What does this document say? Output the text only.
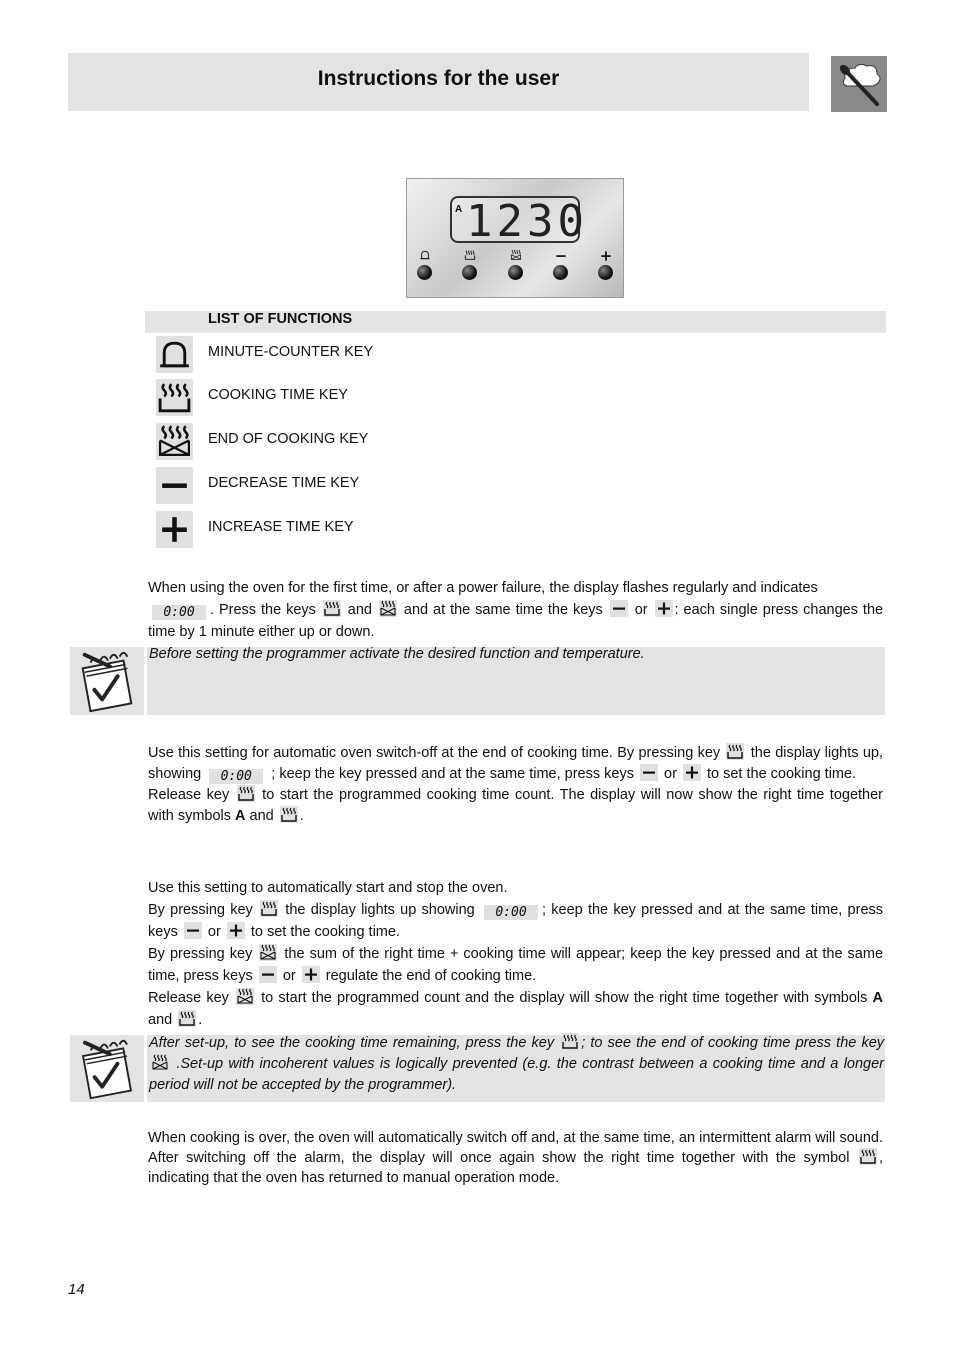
Instructions for the user
A 1230
LIST OF FUNCTIONS
MINUTE-COUNTER KEY
COOKING TIME KEY
END OF COOKING KEY
DECREASE TIME KEY
INCREASE TIME KEY
When using the oven for the first time, or after a power failure, the display flashes regularly and indicates
0:00 . Press the keys and and at the same time the keys or : each single press changes the time by 1 minute either up or down.
Before setting the programmer activate the desired function and temperature.
Use this setting for automatic oven switch-off at the end of cooking time. By pressing key the display lights up, showing 0:00 ; keep the key pressed and at the same time, press keys or to set the cooking time.
Release key to start the programmed cooking time count. The display will now show the right time together with symbols A and .
Use this setting to automatically start and stop the oven.
By pressing key the display lights up showing 0:00 ; keep the key pressed and at the same time, press keys or to set the cooking time.
By pressing key the sum of the right time + cooking time will appear; keep the key pressed and at the same time, press keys or regulate the end of cooking time.
Release key to start the programmed count and the display will show the right time together with symbols A and .
After set-up, to see the cooking time remaining, press the key ; to see the end of cooking time press the key
.Set-up with incoherent values is logically prevented (e.g. the contrast between a cooking time and a longer period will not be accepted by the programmer).
When cooking is over, the oven will automatically switch off and, at the same time, an intermittent alarm will sound. After switching off the alarm, the display will once again show the right time together with the symbol , indicating that the oven has returned to manual operation mode.
14
